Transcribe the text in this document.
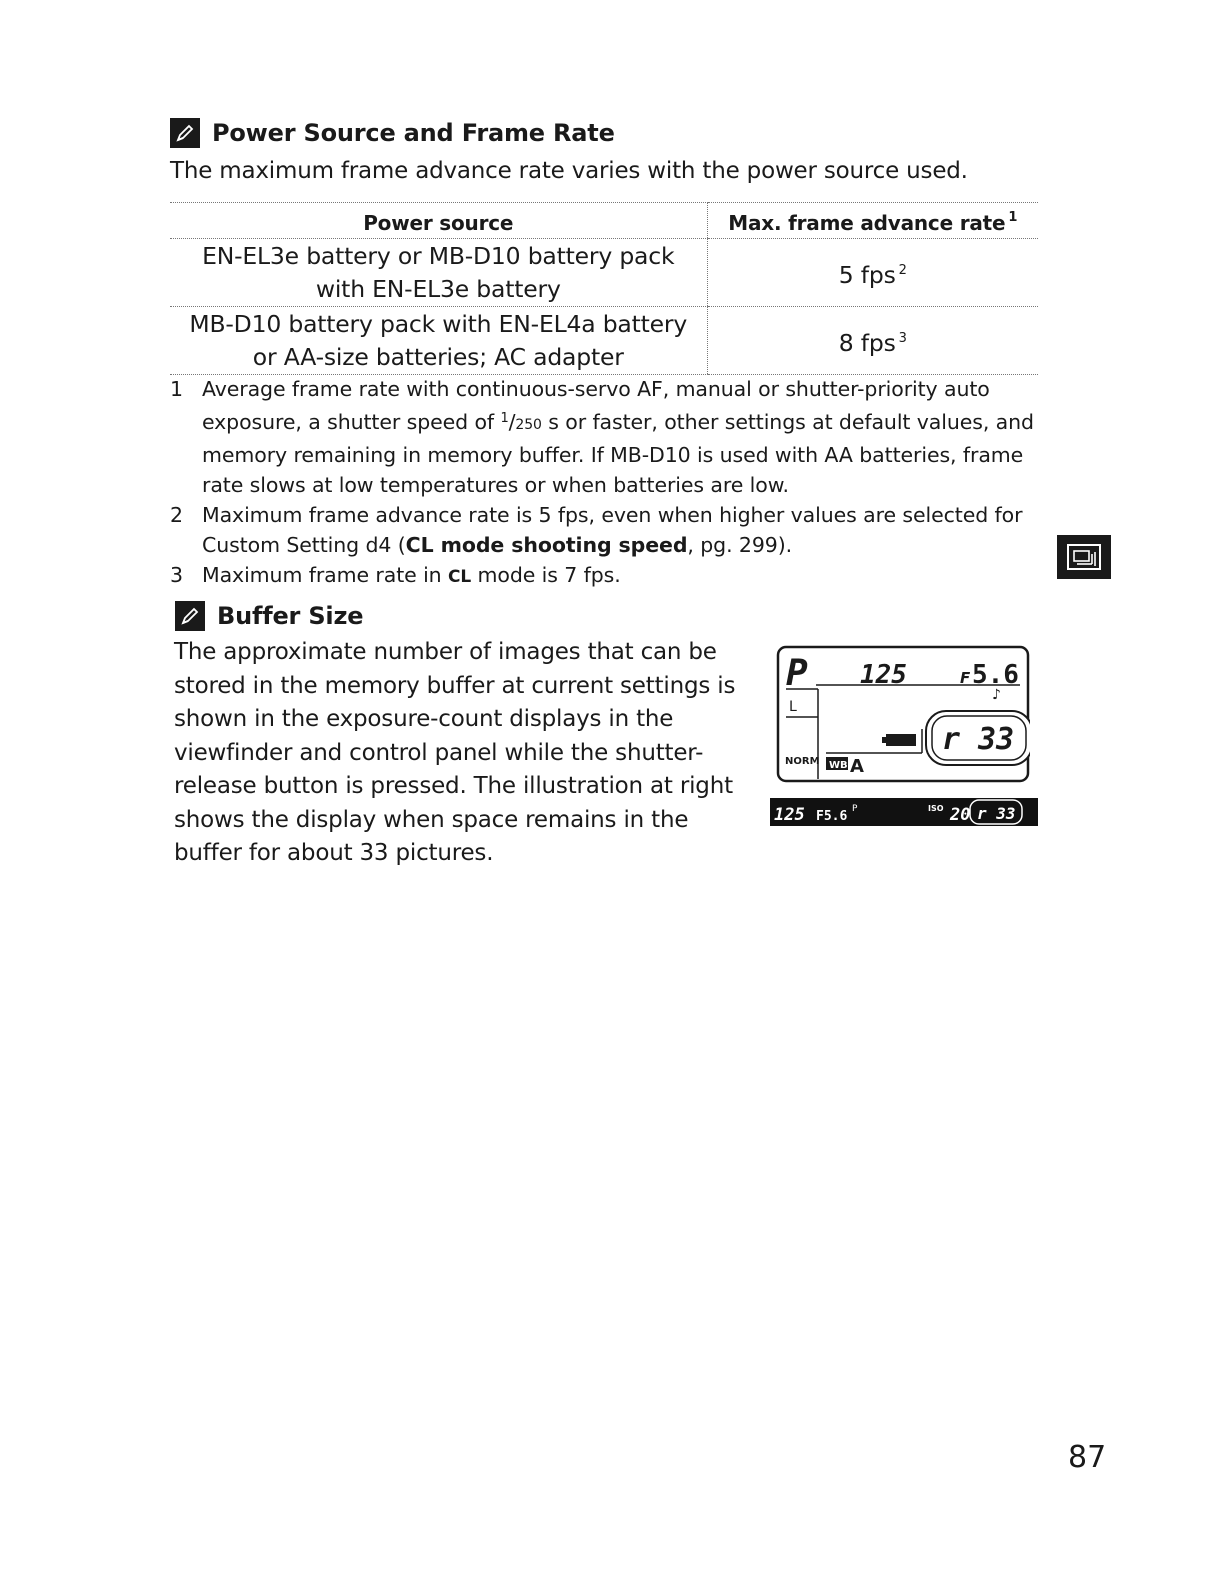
Power Source and Frame Rate
The maximum frame advance rate varies with the power source used.
Power source	Max. frame advance rate $^1$

EN-EL3e battery or MB-D10 battery pack
with EN-EL3e battery	5 fps $^2$

MB-D10 battery pack with EN-EL4a battery
or AA-size batteries; AC adapter	8 fps $^3$
1 Average frame rate with continuous-servo AF, manual or shutter-priority auto exposure, a shutter speed of $^1$/250 s or faster, other settings at default values, and memory remaining in memory buffer. If MB-D10 is used with AA batteries, frame rate slows at low temperatures or when batteries are low.
2 Maximum frame advance rate is 5 fps, even when higher values are selected for Custom Setting d4 (CL mode shooting speed, pg. 299).
3 Maximum frame rate in CL mode is 7 fps.
Buffer Size
The approximate number of images that can be
stored in the memory buffer at current settings is
shown in the exposure-count displays in the
viewfinder and control panel while the shutter-
release button is pressed. The illustration at right
shows the display when space remains in the
buffer for about 33 pictures.
P 125	F 5.6
♪
L
NORM WB A
r 33
125 F5.6 P	ISO 20 r 33
87
